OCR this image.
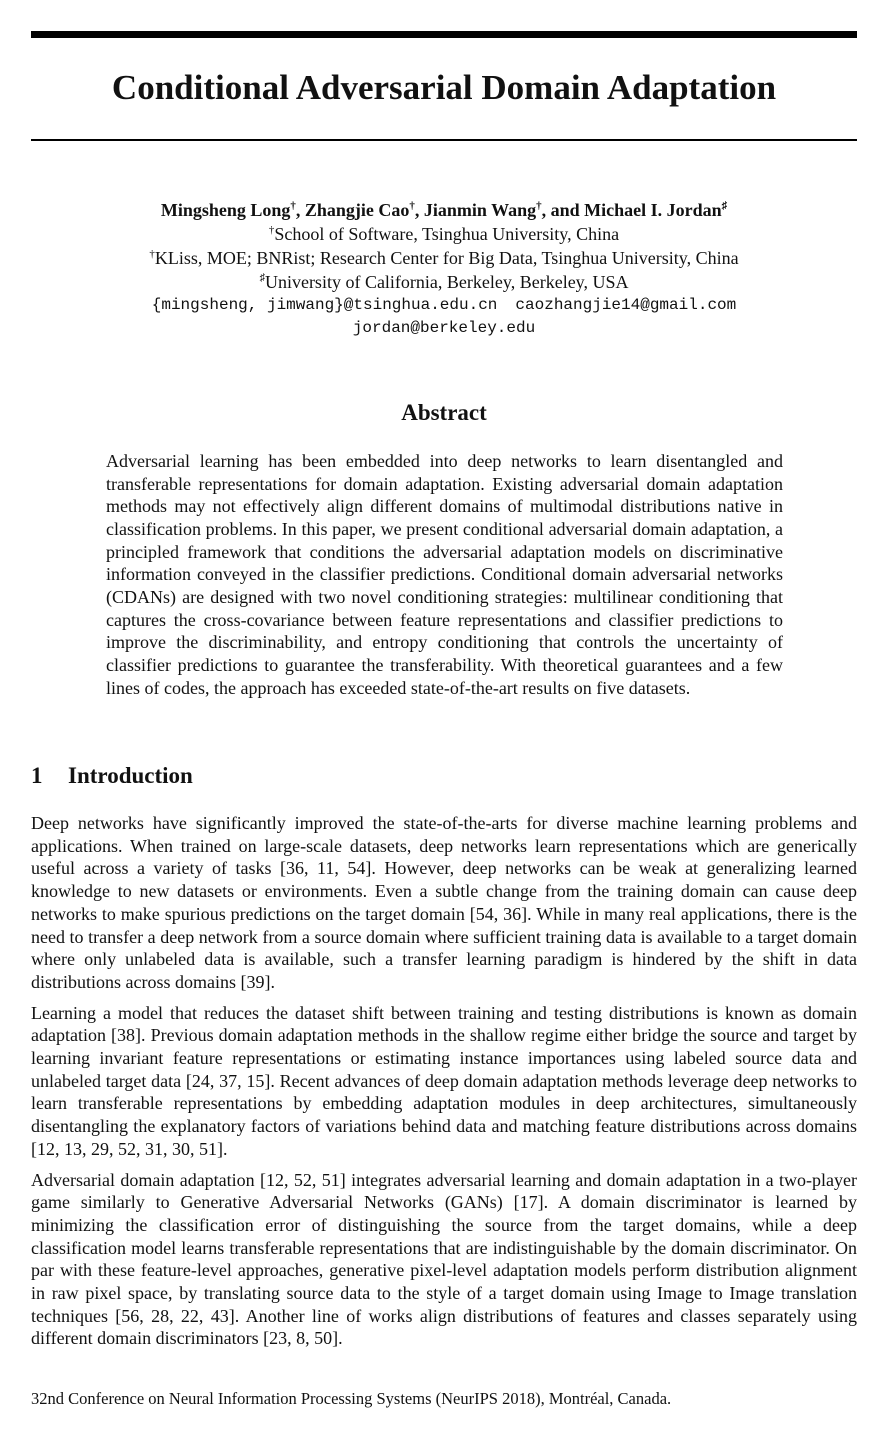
Conditional Adversarial Domain Adaptation
Mingsheng Long†, Zhangjie Cao†, Jianmin Wang†, and Michael I. Jordan♯
†School of Software, Tsinghua University, China
†KLiss, MOE; BNRist; Research Center for Big Data, Tsinghua University, China
♯University of California, Berkeley, Berkeley, USA
{mingsheng, jimwang}@tsinghua.edu.cn caozhangjie14@gmail.com
jordan@berkeley.edu
Abstract
Adversarial learning has been embedded into deep networks to learn disentangled and transferable representations for domain adaptation. Existing adversarial domain adaptation methods may not effectively align different domains of multimodal distributions native in classification problems. In this paper, we present conditional adversarial domain adaptation, a principled framework that conditions the adversarial adaptation models on discriminative information conveyed in the classifier predictions. Conditional domain adversarial networks (CDANs) are designed with two novel conditioning strategies: multilinear conditioning that captures the cross-covariance between feature representations and classifier predictions to improve the discriminability, and entropy conditioning that controls the uncertainty of classifier predictions to guarantee the transferability. With theoretical guarantees and a few lines of codes, the approach has exceeded state-of-the-art results on five datasets.
1 Introduction

Deep networks have significantly improved the state-of-the-arts for diverse machine learning problems and applications. When trained on large-scale datasets, deep networks learn representations which are generically useful across a variety of tasks [36, 11, 54]. However, deep networks can be weak at generalizing learned knowledge to new datasets or environments. Even a subtle change from the training domain can cause deep networks to make spurious predictions on the target domain [54, 36]. While in many real applications, there is the need to transfer a deep network from a source domain where sufficient training data is available to a target domain where only unlabeled data is available, such a transfer learning paradigm is hindered by the shift in data distributions across domains [39].

Learning a model that reduces the dataset shift between training and testing distributions is known as domain adaptation [38]. Previous domain adaptation methods in the shallow regime either bridge the source and target by learning invariant feature representations or estimating instance importances using labeled source data and unlabeled target data [24, 37, 15]. Recent advances of deep domain adaptation methods leverage deep networks to learn transferable representations by embedding adaptation modules in deep architectures, simultaneously disentangling the explanatory factors of variations behind data and matching feature distributions across domains [12, 13, 29, 52, 31, 30, 51].

Adversarial domain adaptation [12, 52, 51] integrates adversarial learning and domain adaptation in a two-player game similarly to Generative Adversarial Networks (GANs) [17]. A domain discriminator is learned by minimizing the classification error of distinguishing the source from the target domains, while a deep classification model learns transferable representations that are indistinguishable by the domain discriminator. On par with these feature-level approaches, generative pixel-level adaptation models perform distribution alignment in raw pixel space, by translating source data to the style of a target domain using Image to Image translation techniques [56, 28, 22, 43]. Another line of works align distributions of features and classes separately using different domain discriminators [23, 8, 50].

32nd Conference on Neural Information Processing Systems (NeurIPS 2018), Montréal, Canada.
